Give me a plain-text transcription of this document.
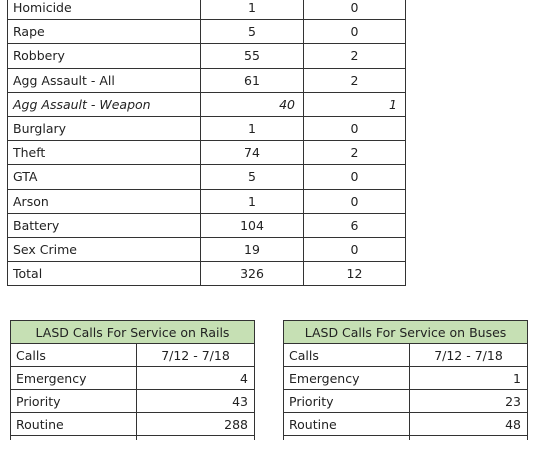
Homicide	1	0
Rape	5	0
Robbery	55	2
Agg Assault - All	61	2
Agg Assault - Weapon	40	1
Burglary	1	0
Theft	74	2
GTA	5	0
Arson	1	0
Battery	104	6
Sex Crime	19	0
Total	326	12
LASD Calls For Service on Rails	
Calls	7/12 - 7/18
Emergency	4
Priority	43
Routine	288

LASD Calls For Service on Buses	
Calls	7/12 - 7/18
Emergency	1
Priority	23
Routine	48
